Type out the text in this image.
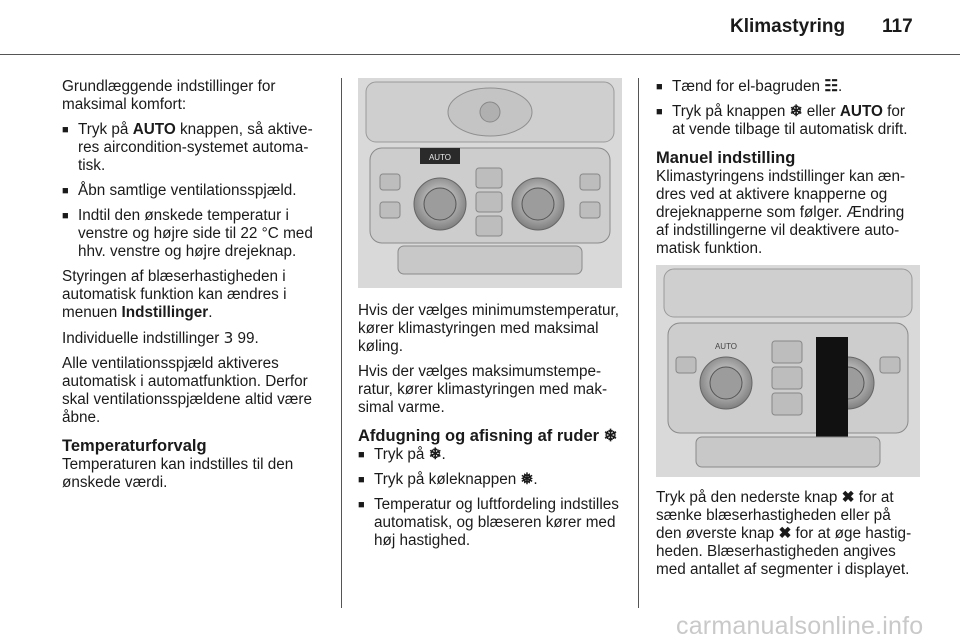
Klimastyring 117

Grundlæggende indstillinger for maksimal komfort:

■ Tryk på AUTO knappen, så aktiveres aircondition-systemet automatisk.
■ Åbn samtlige ventilationsspjæld.
■ Indtil den ønskede temperatur i venstre og højre side til 22 °C med hhv. venstre og højre drejeknap.

Styringen af blæserhastigheden i automatisk funktion kan ændres i menuen Indstillinger.

Individuelle indstillinger 3 99.

Alle ventilationsspjæld aktiveres automatisk i automatfunktion. Derfor skal ventilationsspjældene altid være åbne.

Temperaturforvalg

Temperaturen kan indstilles til den ønskede værdi.

AUTO

Hvis der vælges minimumstemperatur, kører klimastyringen med maksimal køling.

Hvis der vælges maksimumstemperatur, kører klimastyringen med maksimal varme.

Afdugning og afisning af ruder ❄
■ Tryk på ❄.
■ Tryk på køleknappen ❅.
■ Temperatur og luftfordeling indstilles automatisk, og blæseren kører med høj hastighed.
■ Tænd for el-bagruden ☷.
■ Tryk på knappen ❄ eller AUTO for at vende tilbage til automatisk drift.
Manuel indstilling

Klimastyringens indstillinger kan ændres ved at aktivere knapperne og drejeknapperne som følger. Ændring af indstillingerne vil deaktivere automatisk funktion.

AUTO

Tryk på den nederste knap ✖ for at sænke blæserhastigheden eller på den øverste knap ✖ for at øge hastigheden. Blæserhastigheden angives med antallet af segmenter i displayet.

carmanualsonline.info
